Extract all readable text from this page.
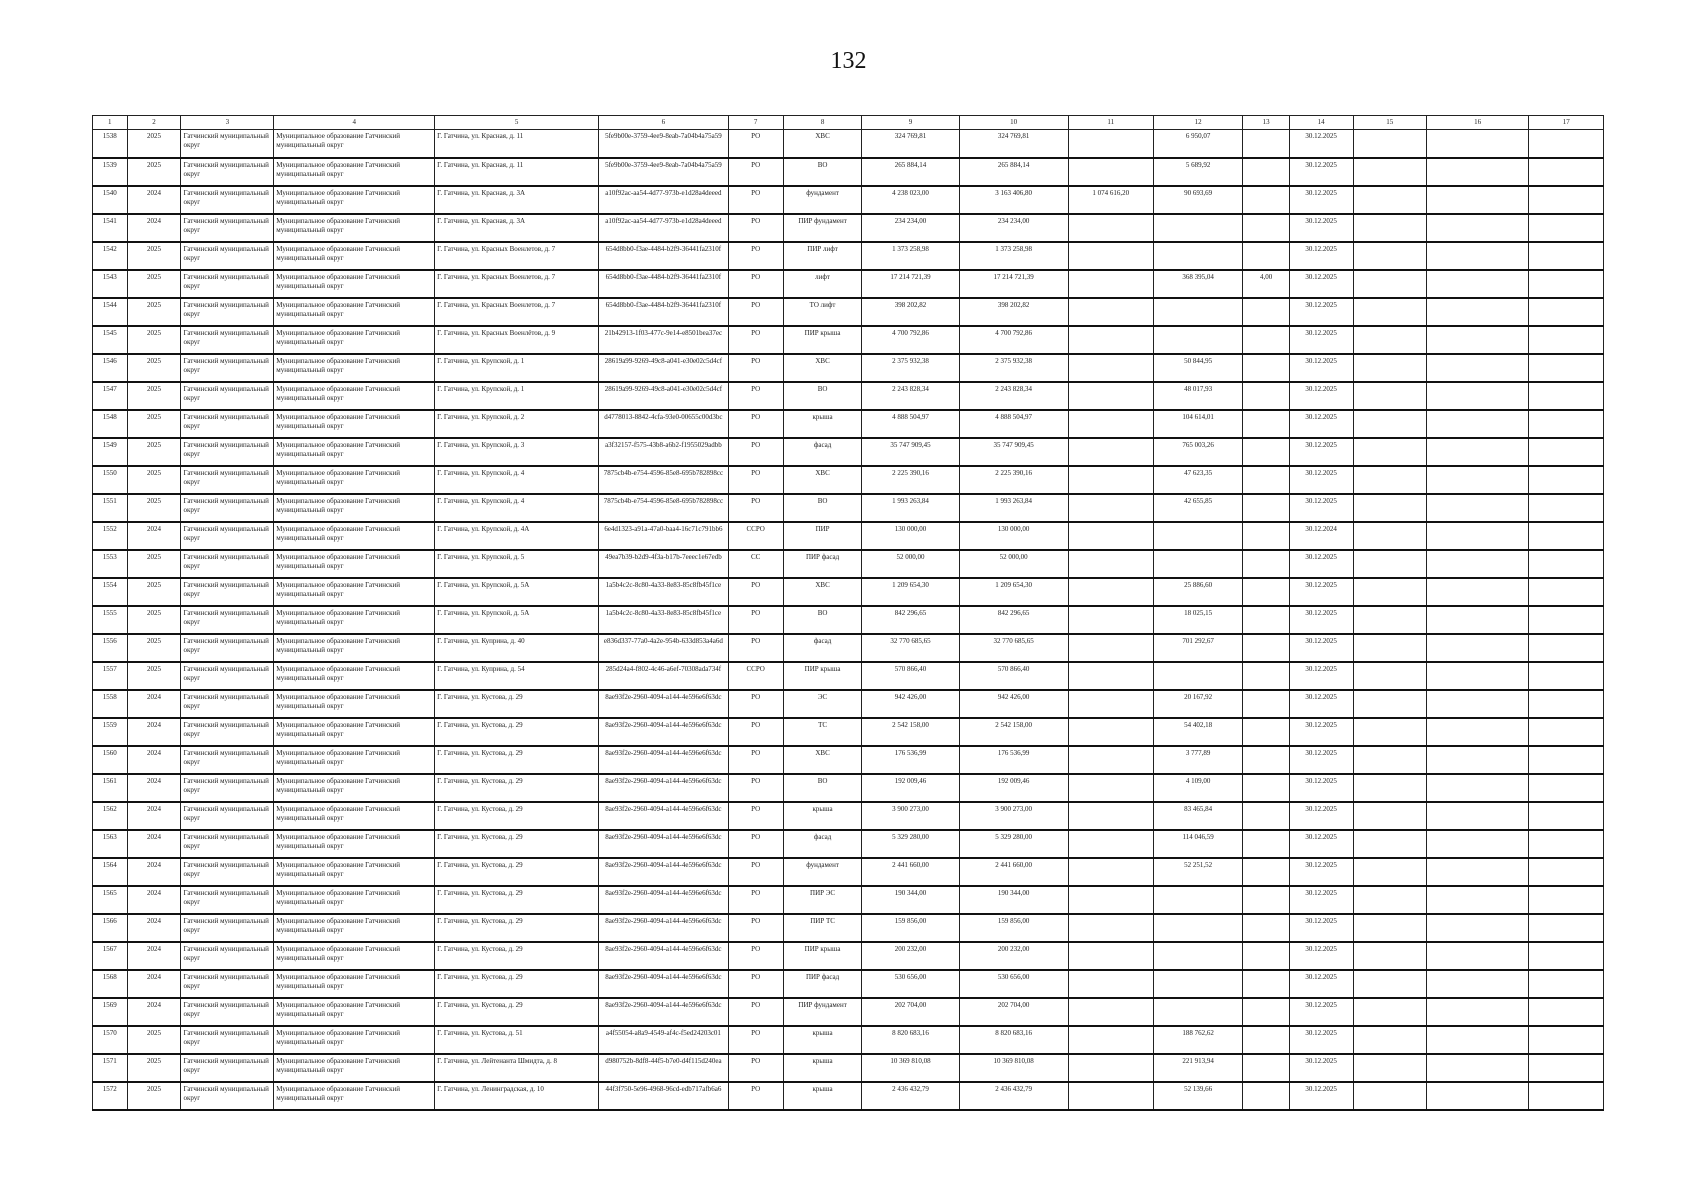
132
1	2	3	4	5	6	7	8	9	10	11	12	13	14	15	16	17
1538	2025	Гатчинский муниципальный округ	Муниципальное образование Гатчинский муниципальный округ	Г. Гатчина, ул. Красная, д. 11	5fe9b00e-3759-4ee9-8eab-7a04b4a75a59	РО	ХВС	324 769,81	324 769,81		6 950,07		30.12.2025			
1539	2025	Гатчинский муниципальный округ	Муниципальное образование Гатчинский муниципальный округ	Г. Гатчина, ул. Красная, д. 11	5fe9b00e-3759-4ee9-8eab-7a04b4a75a59	РО	ВО	265 884,14	265 884,14		5 689,92		30.12.2025			
1540	2024	Гатчинский муниципальный округ	Муниципальное образование Гатчинский муниципальный округ	Г. Гатчина, ул. Красная, д. 3А	a10f92ac-aa54-4d77-973b-e1d28a4deeed	РО	фундамент	4 238 023,00	3 163 406,80	1 074 616,20	90 693,69		30.12.2025			
1541	2024	Гатчинский муниципальный округ	Муниципальное образование Гатчинский муниципальный округ	Г. Гатчина, ул. Красная, д. 3А	a10f92ac-aa54-4d77-973b-e1d28a4deeed	РО	ПИР фундамент	234 234,00	234 234,00				30.12.2025			
1542	2025	Гатчинский муниципальный округ	Муниципальное образование Гатчинский муниципальный округ	Г. Гатчина, ул. Красных Военлетов, д. 7	654d8bb0-f3ae-4484-b2f9-36441fa2310f	РО	ПИР лифт	1 373 258,98	1 373 258,98				30.12.2025			
1543	2025	Гатчинский муниципальный округ	Муниципальное образование Гатчинский муниципальный округ	Г. Гатчина, ул. Красных Военлетов, д. 7	654d8bb0-f3ae-4484-b2f9-36441fa2310f	РО	лифт	17 214 721,39	17 214 721,39		368 395,04	4,00	30.12.2025			
1544	2025	Гатчинский муниципальный округ	Муниципальное образование Гатчинский муниципальный округ	Г. Гатчина, ул. Красных Военлетов, д. 7	654d8bb0-f3ae-4484-b2f9-36441fa2310f	РО	ТО лифт	398 202,82	398 202,82				30.12.2025			
1545	2025	Гатчинский муниципальный округ	Муниципальное образование Гатчинский муниципальный округ	Г. Гатчина, ул. Красных Военлётов, д. 9	21b42913-1f03-477c-9e14-e8501bea37ec	РО	ПИР крыша	4 700 792,86	4 700 792,86				30.12.2025			
1546	2025	Гатчинский муниципальный округ	Муниципальное образование Гатчинский муниципальный округ	Г. Гатчина, ул. Крупской, д. 1	28619a99-9269-49c8-a041-e30e02c5d4cf	РО	ХВС	2 375 932,38	2 375 932,38		50 844,95		30.12.2025			
1547	2025	Гатчинский муниципальный округ	Муниципальное образование Гатчинский муниципальный округ	Г. Гатчина, ул. Крупской, д. 1	28619a99-9269-49c8-a041-e30e02c5d4cf	РО	ВО	2 243 828,34	2 243 828,34		48 017,93		30.12.2025			
1548	2025	Гатчинский муниципальный округ	Муниципальное образование Гатчинский муниципальный округ	Г. Гатчина, ул. Крупской, д. 2	d4778013-8842-4cfa-93e0-00655c00d3bc	РО	крыша	4 888 504,97	4 888 504,97		104 614,01		30.12.2025			
1549	2025	Гатчинский муниципальный округ	Муниципальное образование Гатчинский муниципальный округ	Г. Гатчина, ул. Крупской, д. 3	a3f32157-f575-43b8-a6b2-f1955029adbb	РО	фасад	35 747 909,45	35 747 909,45		765 003,26		30.12.2025			
1550	2025	Гатчинский муниципальный округ	Муниципальное образование Гатчинский муниципальный округ	Г. Гатчина, ул. Крупской, д. 4	7875cb4b-e754-4596-85e8-695b782898cc	РО	ХВС	2 225 390,16	2 225 390,16		47 623,35		30.12.2025			
1551	2025	Гатчинский муниципальный округ	Муниципальное образование Гатчинский муниципальный округ	Г. Гатчина, ул. Крупской, д. 4	7875cb4b-e754-4596-85e8-695b782898cc	РО	ВО	1 993 263,84	1 993 263,84		42 655,85		30.12.2025			
1552	2024	Гатчинский муниципальный округ	Муниципальное образование Гатчинский муниципальный округ	Г. Гатчина, ул. Крупской, д. 4А	6e4d1323-a91a-47a0-baa4-16c71c791bb6	ССРО	ПИР	130 000,00	130 000,00				30.12.2024			
1553	2025	Гатчинский муниципальный округ	Муниципальное образование Гатчинский муниципальный округ	Г. Гатчина, ул. Крупской, д. 5	49ea7b39-b2d9-4f3a-b17b-7eeec1e67edb	СС	ПИР фасад	52 000,00	52 000,00				30.12.2025			
1554	2025	Гатчинский муниципальный округ	Муниципальное образование Гатчинский муниципальный округ	Г. Гатчина, ул. Крупской, д. 5А	1a5b4c2c-8c80-4a33-8e83-85c8fb45f1ce	РО	ХВС	1 209 654,30	1 209 654,30		25 886,60		30.12.2025			
1555	2025	Гатчинский муниципальный округ	Муниципальное образование Гатчинский муниципальный округ	Г. Гатчина, ул. Крупской, д. 5А	1a5b4c2c-8c80-4a33-8e83-85c8fb45f1ce	РО	ВО	842 296,65	842 296,65		18 025,15		30.12.2025			
1556	2025	Гатчинский муниципальный округ	Муниципальное образование Гатчинский муниципальный округ	Г. Гатчина, ул. Куприна, д. 40	e836d337-77a0-4a2e-954b-633d853a4a6d	РО	фасад	32 770 685,65	32 770 685,65		701 292,67		30.12.2025			
1557	2025	Гатчинский муниципальный округ	Муниципальное образование Гатчинский муниципальный округ	Г. Гатчина, ул. Куприна, д. 54	285d24a4-f802-4c46-a6ef-70308ada734f	ССРО	ПИР крыша	570 866,40	570 866,40				30.12.2025			
1558	2024	Гатчинский муниципальный округ	Муниципальное образование Гатчинский муниципальный округ	Г. Гатчина, ул. Кустова, д. 29	8ae93f2e-2960-4094-a144-4e596e6f63dc	РО	ЭС	942 426,00	942 426,00		20 167,92		30.12.2025			
1559	2024	Гатчинский муниципальный округ	Муниципальное образование Гатчинский муниципальный округ	Г. Гатчина, ул. Кустова, д. 29	8ae93f2e-2960-4094-a144-4e596e6f63dc	РО	ТС	2 542 158,00	2 542 158,00		54 402,18		30.12.2025			
1560	2024	Гатчинский муниципальный округ	Муниципальное образование Гатчинский муниципальный округ	Г. Гатчина, ул. Кустова, д. 29	8ae93f2e-2960-4094-a144-4e596e6f63dc	РО	ХВС	176 536,99	176 536,99		3 777,89		30.12.2025			
1561	2024	Гатчинский муниципальный округ	Муниципальное образование Гатчинский муниципальный округ	Г. Гатчина, ул. Кустова, д. 29	8ae93f2e-2960-4094-a144-4e596e6f63dc	РО	ВО	192 009,46	192 009,46		4 109,00		30.12.2025			
1562	2024	Гатчинский муниципальный округ	Муниципальное образование Гатчинский муниципальный округ	Г. Гатчина, ул. Кустова, д. 29	8ae93f2e-2960-4094-a144-4e596e6f63dc	РО	крыша	3 900 273,00	3 900 273,00		83 465,84		30.12.2025			
1563	2024	Гатчинский муниципальный округ	Муниципальное образование Гатчинский муниципальный округ	Г. Гатчина, ул. Кустова, д. 29	8ae93f2e-2960-4094-a144-4e596e6f63dc	РО	фасад	5 329 280,00	5 329 280,00		114 046,59		30.12.2025			
1564	2024	Гатчинский муниципальный округ	Муниципальное образование Гатчинский муниципальный округ	Г. Гатчина, ул. Кустова, д. 29	8ae93f2e-2960-4094-a144-4e596e6f63dc	РО	фундамент	2 441 660,00	2 441 660,00		52 251,52		30.12.2025			
1565	2024	Гатчинский муниципальный округ	Муниципальное образование Гатчинский муниципальный округ	Г. Гатчина, ул. Кустова, д. 29	8ae93f2e-2960-4094-a144-4e596e6f63dc	РО	ПИР ЭС	190 344,00	190 344,00				30.12.2025			
1566	2024	Гатчинский муниципальный округ	Муниципальное образование Гатчинский муниципальный округ	Г. Гатчина, ул. Кустова, д. 29	8ae93f2e-2960-4094-a144-4e596e6f63dc	РО	ПИР ТС	159 856,00	159 856,00				30.12.2025			
1567	2024	Гатчинский муниципальный округ	Муниципальное образование Гатчинский муниципальный округ	Г. Гатчина, ул. Кустова, д. 29	8ae93f2e-2960-4094-a144-4e596e6f63dc	РО	ПИР крыша	200 232,00	200 232,00				30.12.2025			
1568	2024	Гатчинский муниципальный округ	Муниципальное образование Гатчинский муниципальный округ	Г. Гатчина, ул. Кустова, д. 29	8ae93f2e-2960-4094-a144-4e596e6f63dc	РО	ПИР фасад	530 656,00	530 656,00				30.12.2025			
1569	2024	Гатчинский муниципальный округ	Муниципальное образование Гатчинский муниципальный округ	Г. Гатчина, ул. Кустова, д. 29	8ae93f2e-2960-4094-a144-4e596e6f63dc	РО	ПИР фундамент	202 704,00	202 704,00				30.12.2025			
1570	2025	Гатчинский муниципальный округ	Муниципальное образование Гатчинский муниципальный округ	Г. Гатчина, ул. Кустова, д. 51	a4f55054-a8a9-4549-af4c-f5ed24203c01	РО	крыша	8 820 683,16	8 820 683,16		188 762,62		30.12.2025			
1571	2025	Гатчинский муниципальный округ	Муниципальное образование Гатчинский муниципальный округ	Г. Гатчина, ул. Лейтенанта Шмидта, д. 8	d980752b-8df8-44f5-b7e0-d4f115d240ea	РО	крыша	10 369 810,08	10 369 810,08		221 913,94		30.12.2025			
1572	2025	Гатчинский муниципальный округ	Муниципальное образование Гатчинский муниципальный округ	Г. Гатчина, ул. Ленинградская, д. 10	44f3f750-5e96-4968-96cd-edb717afb6a6	РО	крыша	2 436 432,79	2 436 432,79		52 139,66		30.12.2025			
